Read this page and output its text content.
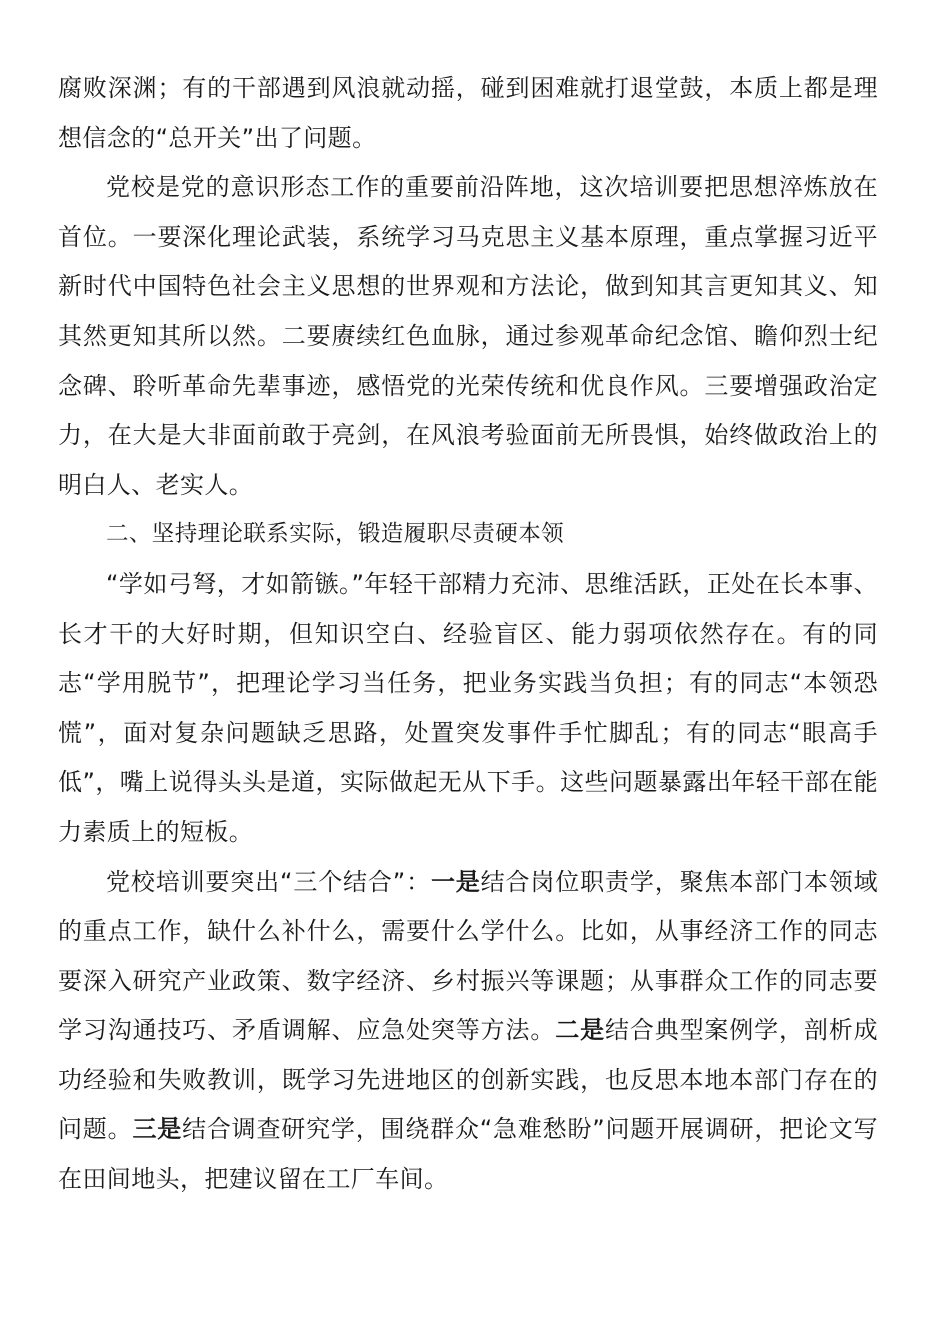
腐败深渊；有的干部遇到风浪就动摇，碰到困难就打退堂鼓，本质上都是理想信念的“总开关”出了问题。

党校是党的意识形态工作的重要前沿阵地，这次培训要把思想淬炼放在首位。一要深化理论武装，系统学习马克思主义基本原理，重点掌握习近平新时代中国特色社会主义思想的世界观和方法论，做到知其言更知其义、知其然更知其所以然。二要赓续红色血脉，通过参观革命纪念馆、瞻仰烈士纪念碑、聆听革命先辈事迹，感悟党的光荣传统和优良作风。三要增强政治定力，在大是大非面前敢于亮剑，在风浪考验面前无所畏惧，始终做政治上的明白人、老实人。

二、坚持理论联系实际，锻造履职尽责硬本领

“学如弓弩，才如箭镞。”年轻干部精力充沛、思维活跃，正处在长本事、长才干的大好时期，但知识空白、经验盲区、能力弱项依然存在。有的同志“学用脱节”，把理论学习当任务，把业务实践当负担；有的同志“本领恐慌”，面对复杂问题缺乏思路，处置突发事件手忙脚乱；有的同志“眼高手低”，嘴上说得头头是道，实际做起无从下手。这些问题暴露出年轻干部在能力素质上的短板。

党校培训要突出“三个结合”：一是结合岗位职责学，聚焦本部门本领域的重点工作，缺什么补什么，需要什么学什么。比如，从事经济工作的同志要深入研究产业政策、数字经济、乡村振兴等课题；从事群众工作的同志要学习沟通技巧、矛盾调解、应急处突等方法。二是结合典型案例学，剖析成功经验和失败教训，既学习先进地区的创新实践，也反思本地本部门存在的问题。三是结合调查研究学，围绕群众“急难愁盼”问题开展调研，把论文写在田间地头，把建议留在工厂车间。
